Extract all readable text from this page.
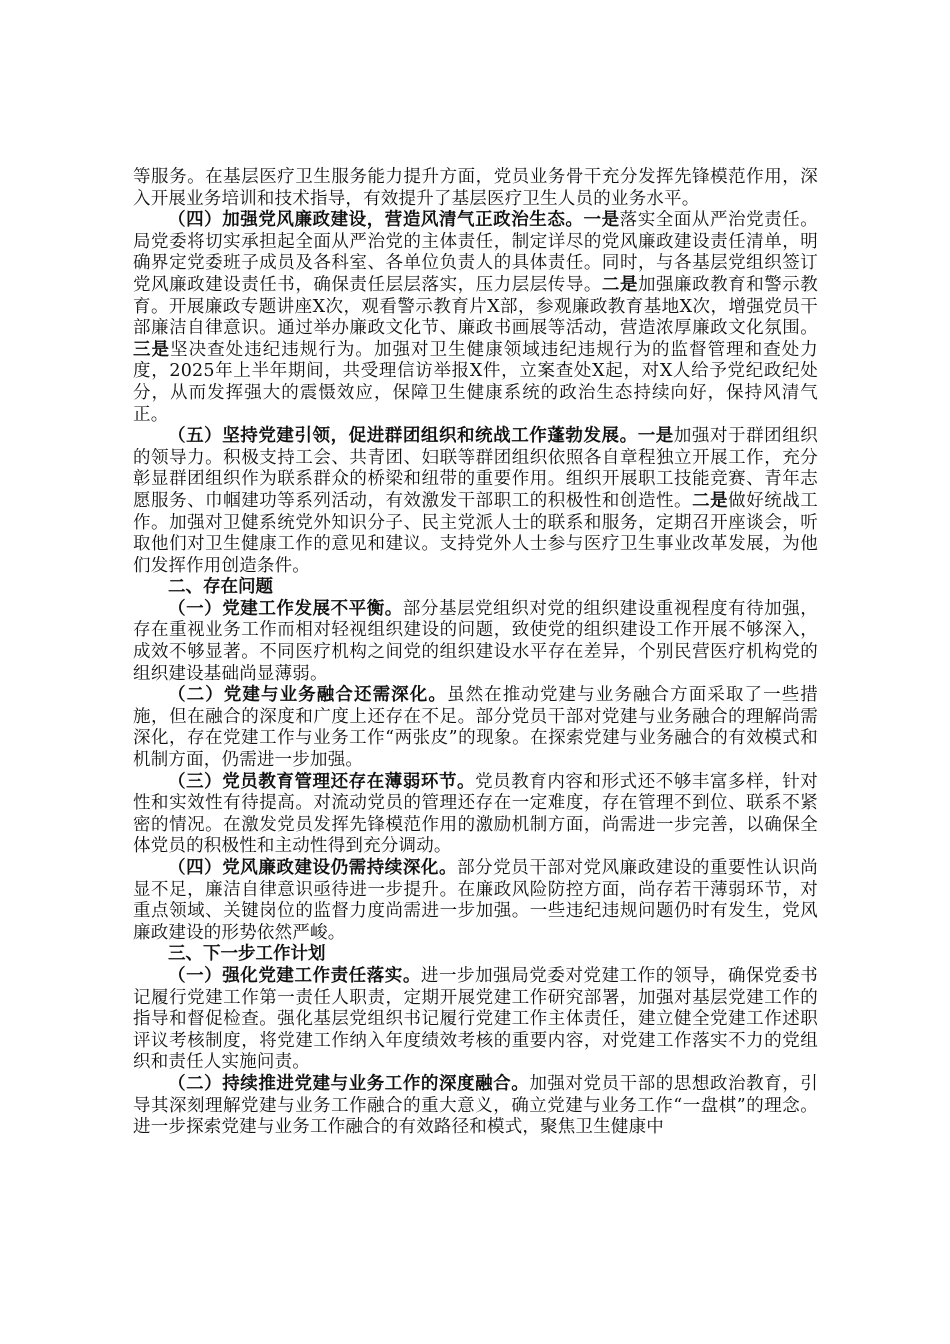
等服务。在基层医疗卫生服务能力提升方面，党员业务骨干充分发挥先锋模范作用，深入开展业务培训和技术指导，有效提升了基层医疗卫生人员的业务水平。

（四）加强党风廉政建设，营造风清气正政治生态。一是落实全面从严治党责任。局党委将切实承担起全面从严治党的主体责任，制定详尽的党风廉政建设责任清单，明确界定党委班子成员及各科室、各单位负责人的具体责任。同时，与各基层党组织签订党风廉政建设责任书，确保责任层层落实，压力层层传导。二是加强廉政教育和警示教育。开展廉政专题讲座X次，观看警示教育片X部，参观廉政教育基地X次，增强党员干部廉洁自律意识。通过举办廉政文化节、廉政书画展等活动，营造浓厚廉政文化氛围。三是坚决查处违纪违规行为。加强对卫生健康领域违纪违规行为的监督管理和查处力度，2025年上半年期间，共受理信访举报X件，立案查处X起，对X人给予党纪政纪处分，从而发挥强大的震慑效应，保障卫生健康系统的政治生态持续向好，保持风清气正。

（五）坚持党建引领，促进群团组织和统战工作蓬勃发展。一是加强对于群团组织的领导力。积极支持工会、共青团、妇联等群团组织依照各自章程独立开展工作，充分彰显群团组织作为联系群众的桥梁和纽带的重要作用。组织开展职工技能竞赛、青年志愿服务、巾帼建功等系列活动，有效激发干部职工的积极性和创造性。二是做好统战工作。加强对卫健系统党外知识分子、民主党派人士的联系和服务，定期召开座谈会，听取他们对卫生健康工作的意见和建议。支持党外人士参与医疗卫生事业改革发展，为他们发挥作用创造条件。

二、存在问题

（一）党建工作发展不平衡。部分基层党组织对党的组织建设重视程度有待加强，存在重视业务工作而相对轻视组织建设的问题，致使党的组织建设工作开展不够深入，成效不够显著。不同医疗机构之间党的组织建设水平存在差异，个别民营医疗机构党的组织建设基础尚显薄弱。

（二）党建与业务融合还需深化。虽然在推动党建与业务融合方面采取了一些措施，但在融合的深度和广度上还存在不足。部分党员干部对党建与业务融合的理解尚需深化，存在党建工作与业务工作“两张皮”的现象。在探索党建与业务融合的有效模式和机制方面，仍需进一步加强。

（三）党员教育管理还存在薄弱环节。党员教育内容和形式还不够丰富多样，针对性和实效性有待提高。对流动党员的管理还存在一定难度，存在管理不到位、联系不紧密的情况。在激发党员发挥先锋模范作用的激励机制方面，尚需进一步完善，以确保全体党员的积极性和主动性得到充分调动。

（四）党风廉政建设仍需持续深化。部分党员干部对党风廉政建设的重要性认识尚显不足，廉洁自律意识亟待进一步提升。在廉政风险防控方面，尚存若干薄弱环节，对重点领域、关键岗位的监督力度尚需进一步加强。一些违纪违规问题仍时有发生，党风廉政建设的形势依然严峻。

三、下一步工作计划

（一）强化党建工作责任落实。进一步加强局党委对党建工作的领导，确保党委书记履行党建工作第一责任人职责，定期开展党建工作研究部署，加强对基层党建工作的指导和督促检查。强化基层党组织书记履行党建工作主体责任，建立健全党建工作述职评议考核制度，将党建工作纳入年度绩效考核的重要内容，对党建工作落实不力的党组织和责任人实施问责。

（二）持续推进党建与业务工作的深度融合。加强对党员干部的思想政治教育，引导其深刻理解党建与业务工作融合的重大意义，确立党建与业务工作“一盘棋”的理念。进一步探索党建与业务工作融合的有效路径和模式，聚焦卫生健康中
